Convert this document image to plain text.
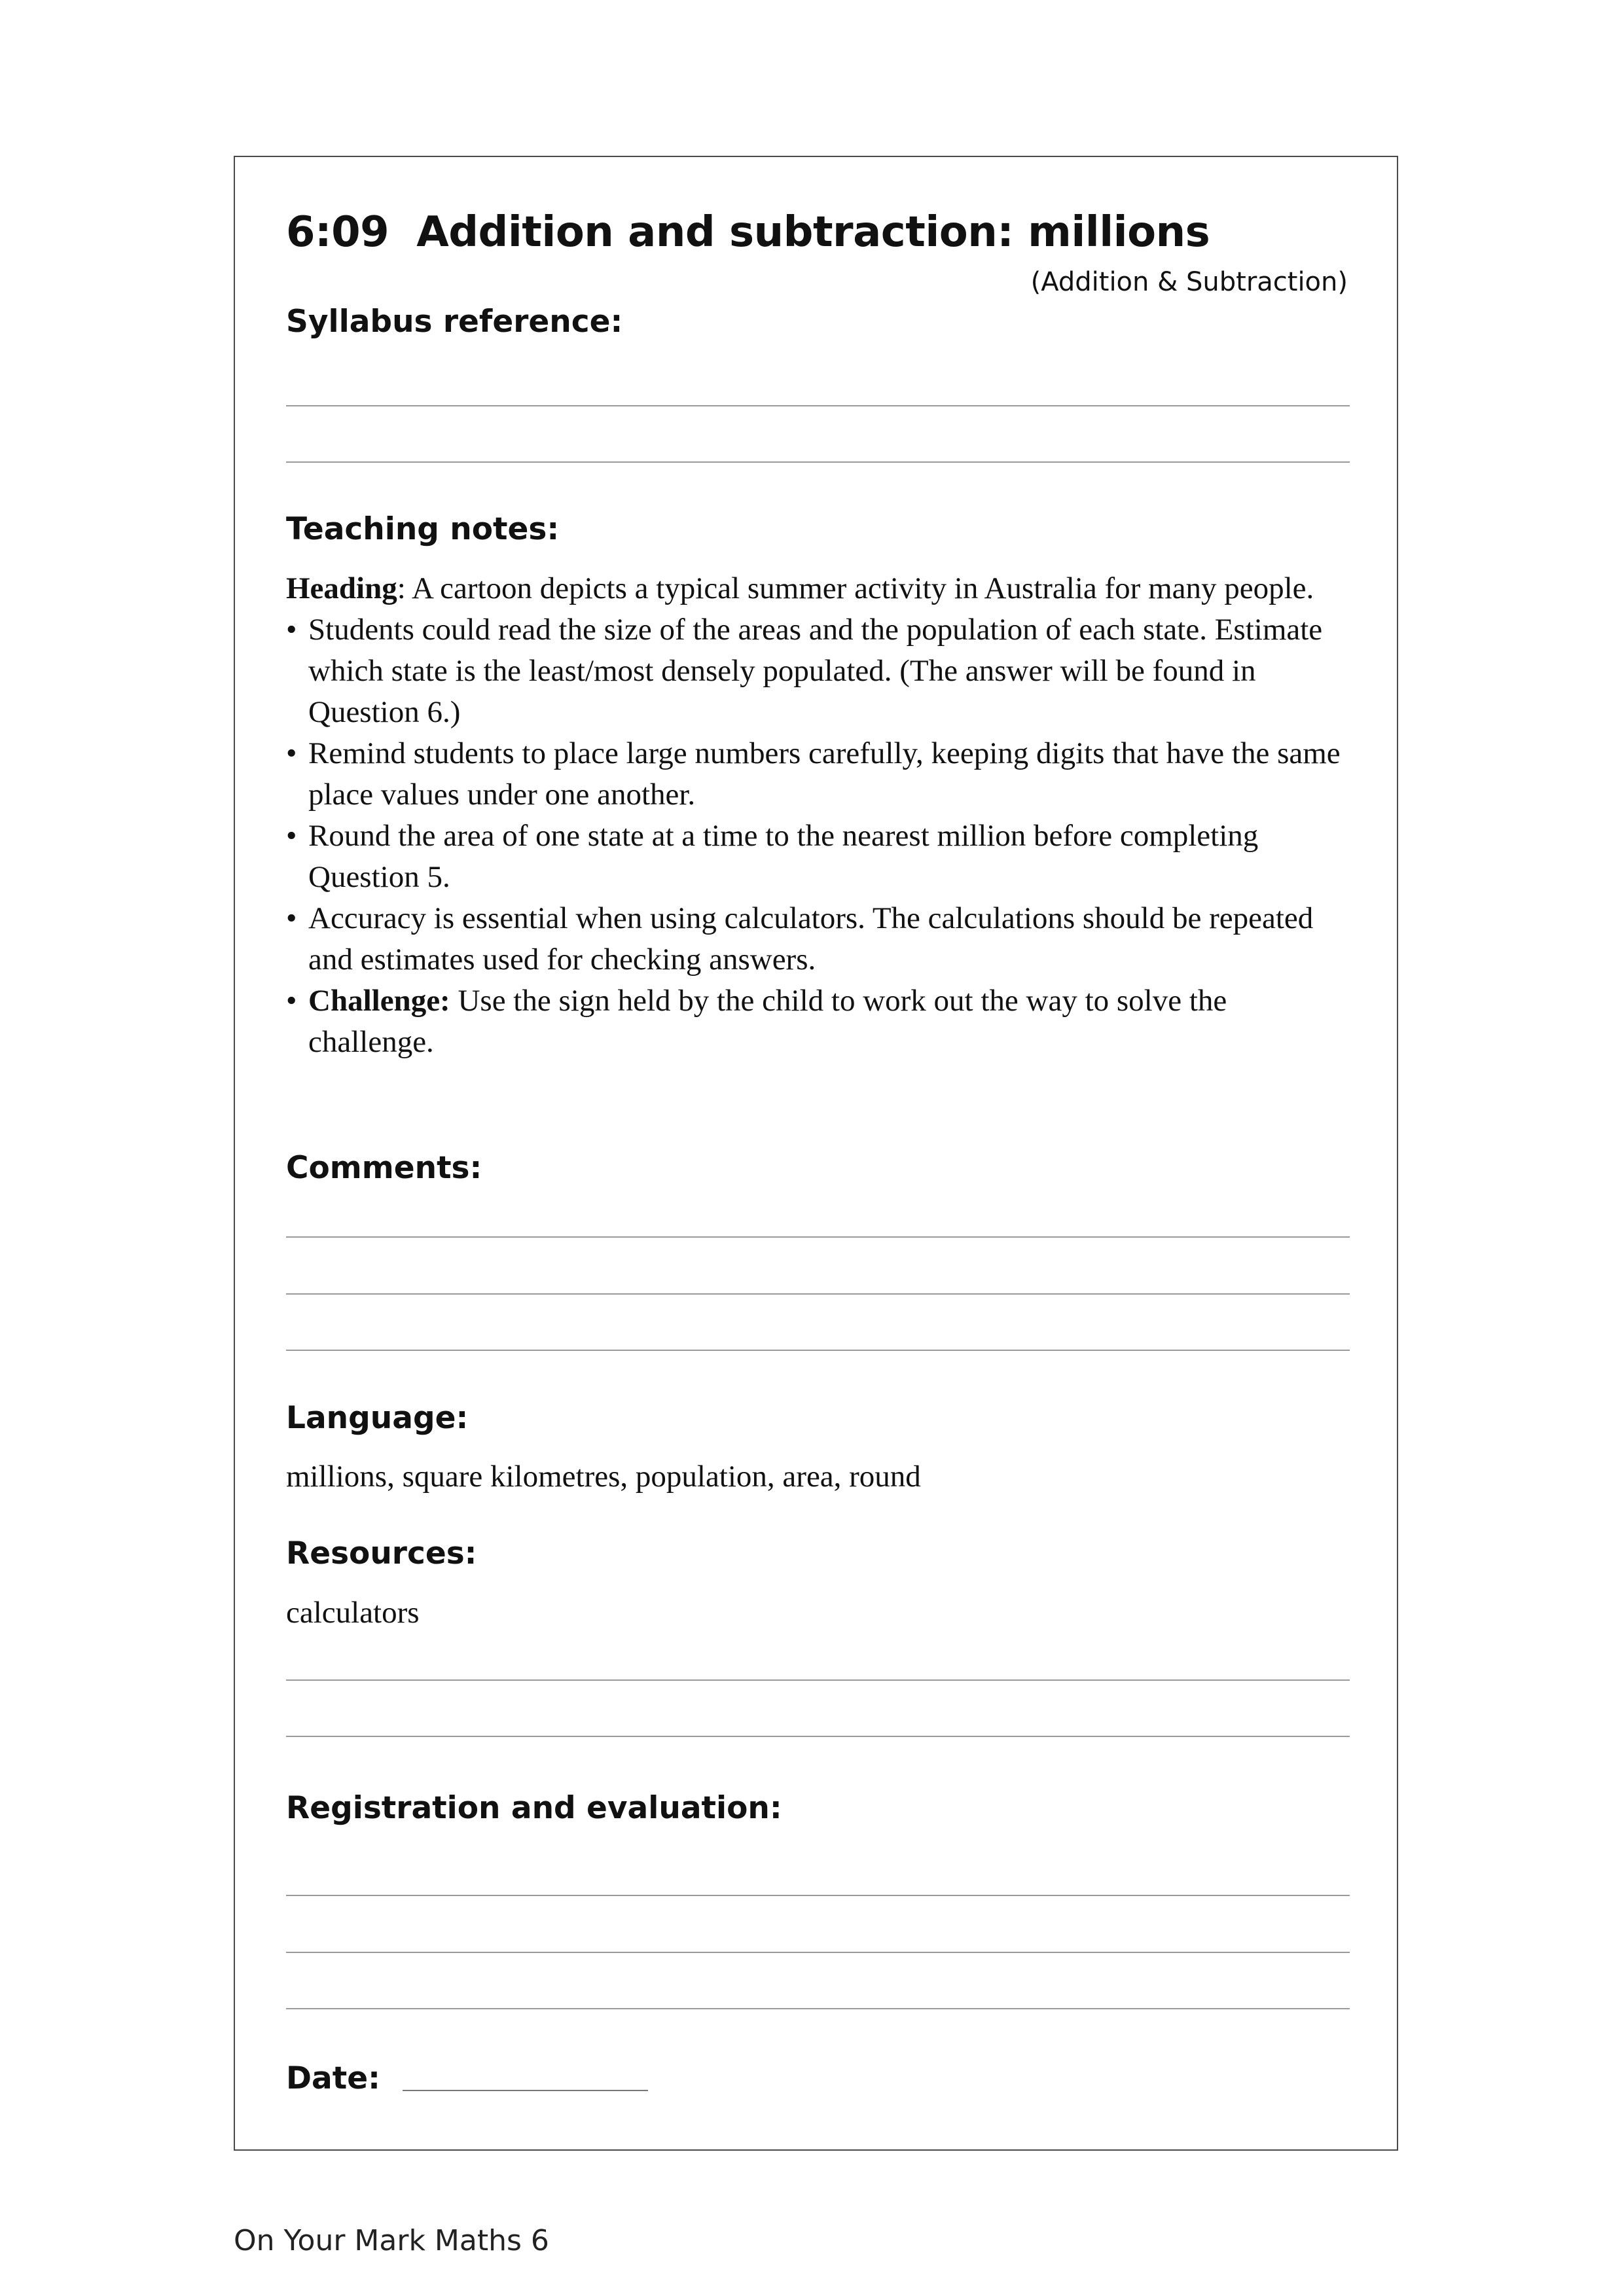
6:09 Addition and subtraction: millions
(Addition & Subtraction)
Syllabus reference:
Teaching notes:

Heading: A cartoon depicts a typical summer activity in Australia for many people.

• Students could read the size of the areas and the population of each state. Estimate which state is the least/most densely populated. (The answer will be found in Question 6.)
• Remind students to place large numbers carefully, keeping digits that have the same place values under one another.
• Round the area of one state at a time to the nearest million before completing Question 5.
• Accuracy is essential when using calculators. The calculations should be repeated and estimates used for checking answers.
• Challenge: Use the sign held by the child to work out the way to solve the challenge.
Comments:
Language:
millions, square kilometres, population, area, round
Resources:
calculators
Registration and evaluation:
Date:
On Your Mark Maths 6
